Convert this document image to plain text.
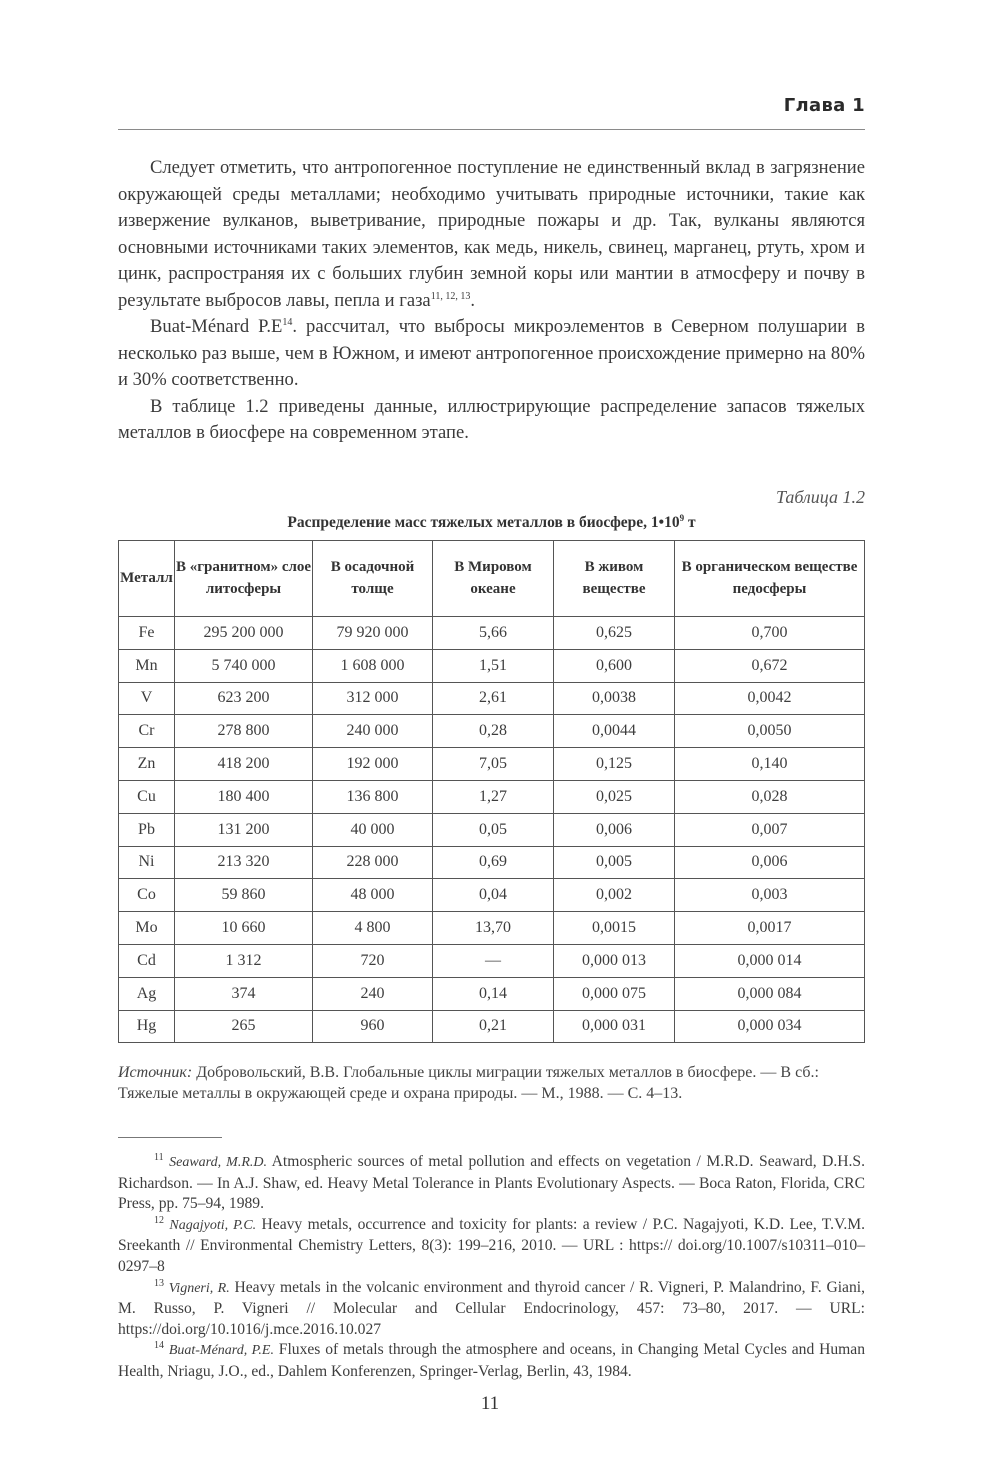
Глава 1

Следует отметить, что антропогенное поступление не единственный вклад в загрязнение окружающей среды металлами; необходимо учитывать природные источники, такие как извержение вулканов, выветривание, природные пожары и др. Так, вулканы являются основными источниками таких элементов, как медь, никель, свинец, марганец, ртуть, хром и цинк, распространяя их с больших глубин земной коры или мантии в атмосферу и почву в результате выбросов лавы, пепла и газа$^{11, 12, 13}$.

Buat-Ménard $P.E^{14}$. рассчитал, что выбросы микроэлементов в Северном полушарии в несколько раз выше, чем в Южном, и имеют антропогенное происхождение примерно на 80% и 30% соответственно.

В таблице 1.2 приведены данные, иллюстрирующие распределение запасов тяжелых металлов в биосфере на современном этапе.

Таблица 1.2
Распределение масс тяжелых металлов в биосфере, $1•10^9$ т
Металл	В «гранитном» слое литосферы	В осадочной толще	В Мировом океане	В живом веществе	В органическом веществе педосферы
Fe	295 200 000	79 920 000	5,66	0,625	0,700
Mn	5 740 000	1 608 000	1,51	0,600	0,672
V	623 200	312 000	2,61	0,0038	0,0042
Cr	278 800	240 000	0,28	0,0044	0,0050
Zn	418 200	192 000	7,05	0,125	0,140
Cu	180 400	136 800	1,27	0,025	0,028
Pb	131 200	40 000	0,05	0,006	0,007
Ni	213 320	228 000	0,69	0,005	0,006
Co	59 860	48 000	0,04	0,002	0,003
Mo	10 660	4 800	13,70	0,0015	0,0017
Cd	1 312	720	—	0,000 013	0,000 014
Ag	374	240	0,14	0,000 075	0,000 084
Hg	265	960	0,21	0,000 031	0,000 034
Источник: Добровольский, В.В. Глобальные циклы миграции тяжелых металлов в биосфере. — В сб.: Тяжелые металлы в окружающей среде и охрана природы. — М., 1988. — С. 4–13.

$^{11}$ Seaward, M.R.D. Atmospheric sources of metal pollution and effects on vegetation / M.R.D. Seaward, D.H.S. Richardson. — In A.J. Shaw, ed. Heavy Metal Tolerance in Plants Evolutionary Aspects. — Boca Raton, Florida, CRC Press, pp. 75–94, 1989.

$^{12}$ Nagajyoti, P.C. Heavy metals, occurrence and toxicity for plants: a review / P.C. Nagajyoti, K.D. Lee, T.V.M. Sreekanth // Environmental Chemistry Letters, 8(3): 199–216, 2010. — URL : https:// doi.org/10.1007/s10311–010–0297–8

$^{13}$ Vigneri, R. Heavy metals in the volcanic environment and thyroid cancer / R. Vigneri, P. Malandrino, F. Giani, M. Russo, P. Vigneri // Molecular and Cellular Endocrinology, 457: 73–80, 2017. — URL: https://doi.org/10.1016/j.mce.2016.10.027

$^{14}$ Buat-Ménard, P.E. Fluxes of metals through the atmosphere and oceans, in Changing Metal Cycles and Human Health, Nriagu, J.O., ed., Dahlem Konferenzen, Springer-Verlag, Berlin, 43, 1984.

11
